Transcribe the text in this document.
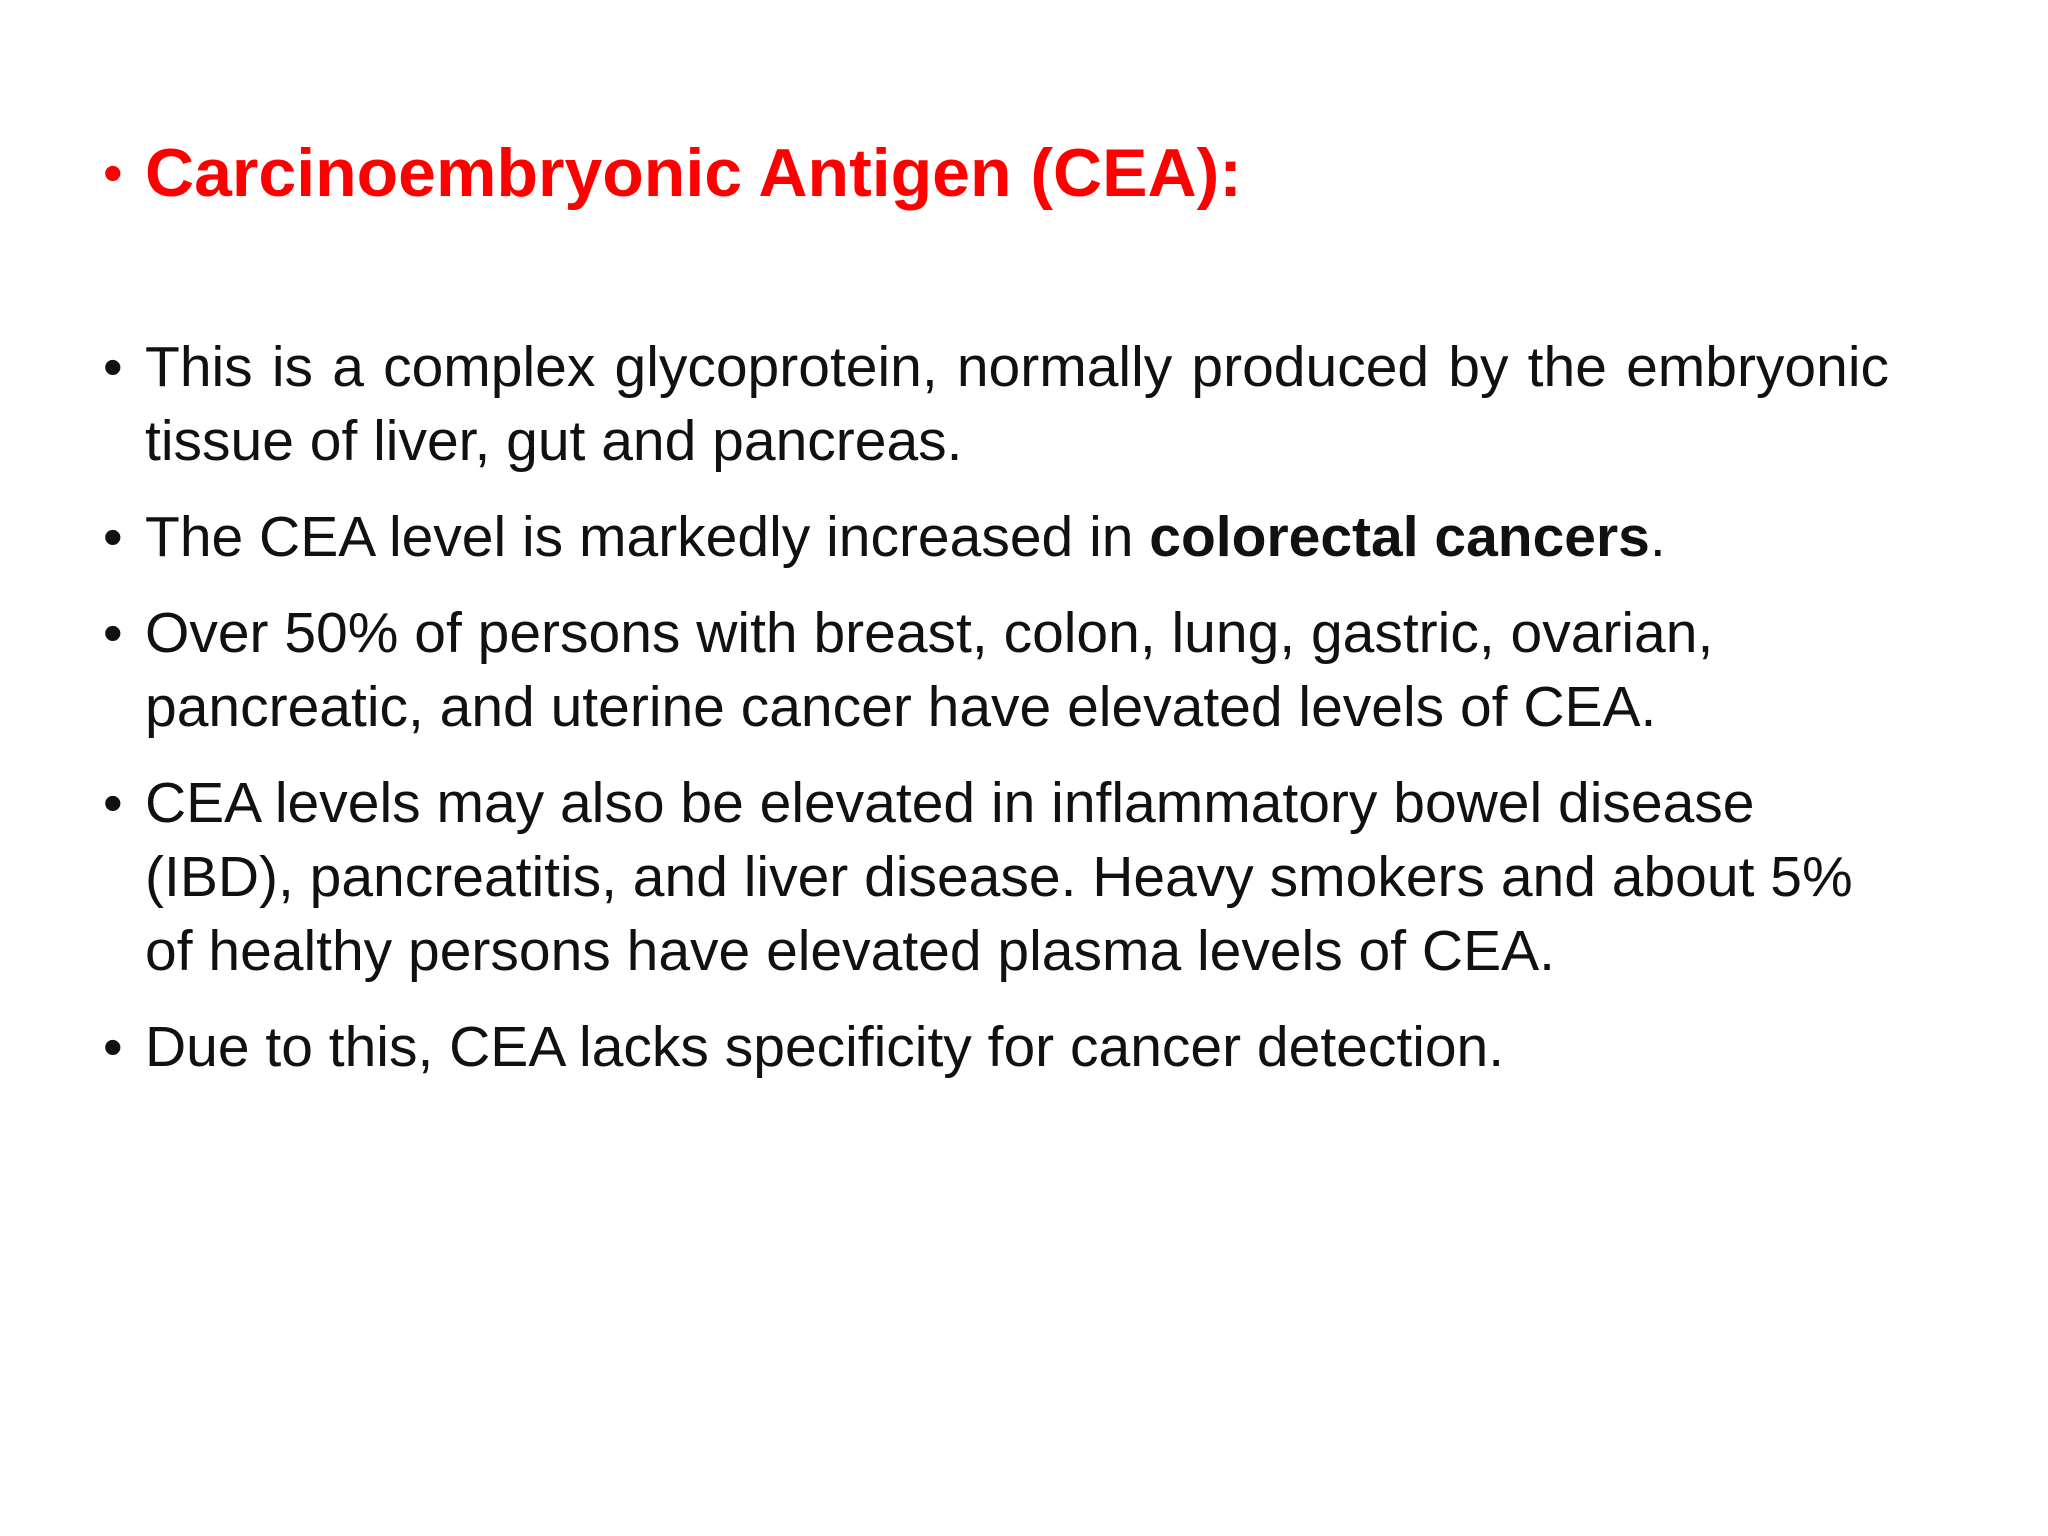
• Carcinoembryonic Antigen (CEA):
• This is a complex glycoprotein, normally produced by the embryonic tissue of liver, gut and pancreas.
• The CEA level is markedly increased in colorectal cancers.
• Over 50% of persons with breast, colon, lung, gastric, ovarian, pancreatic, and uterine cancer have elevated levels of CEA.
• CEA levels may also be elevated in inflammatory bowel disease (IBD), pancreatitis, and liver disease. Heavy smokers and about 5% of healthy persons have elevated plasma levels of CEA.
• Due to this, CEA lacks specificity for cancer detection.
